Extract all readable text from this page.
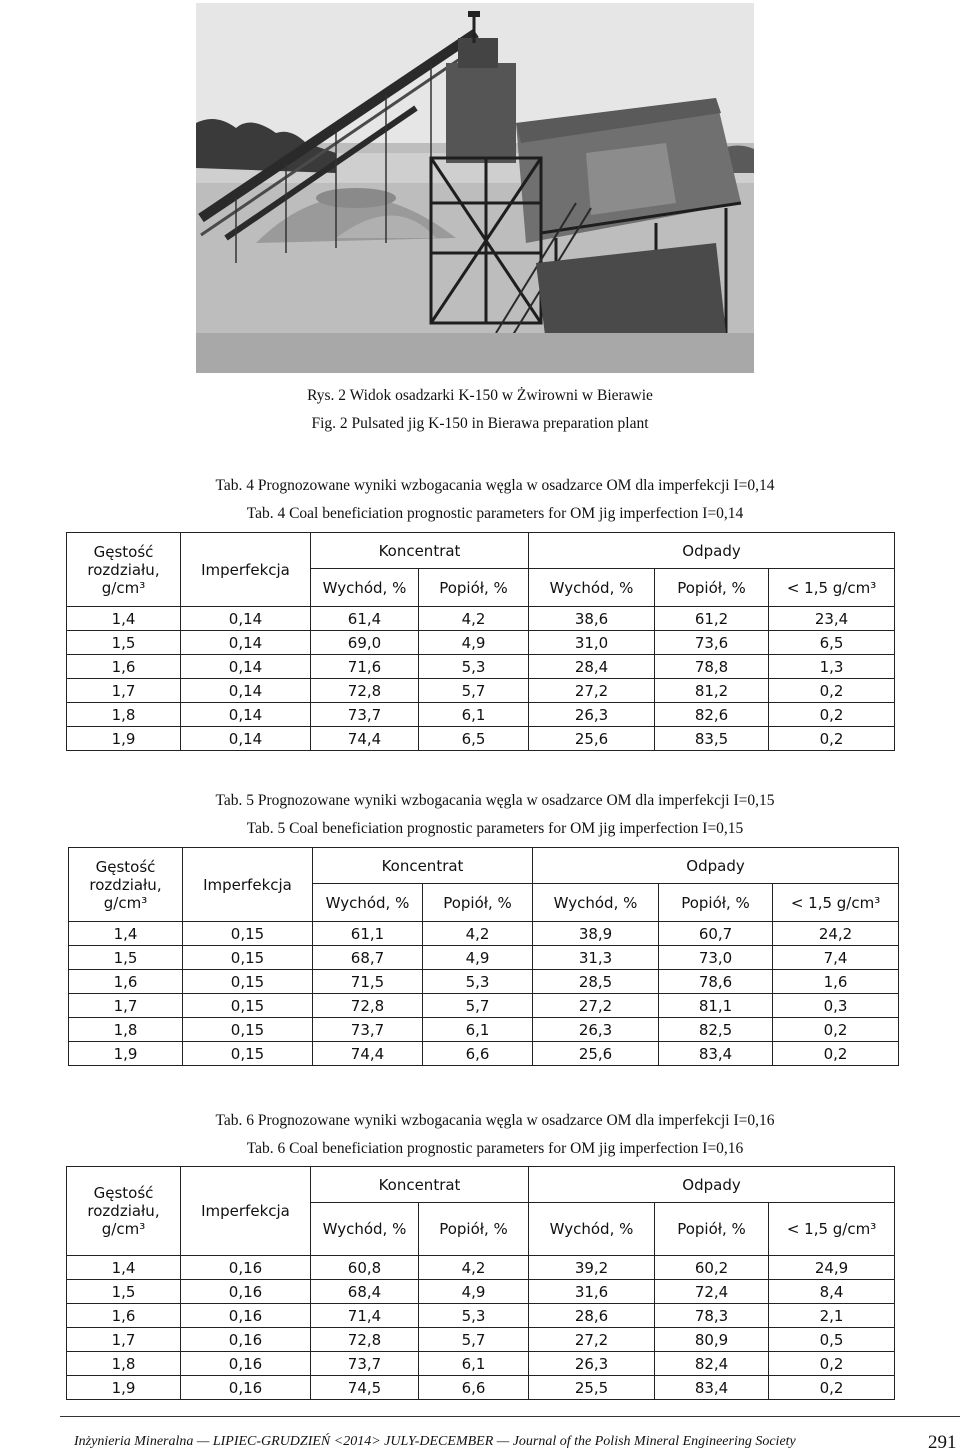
Rys. 2 Widok osadzarki K-150 w Żwirowni w Bierawie
Fig. 2 Pulsated jig K-150 in Bierawa preparation plant
Tab. 4 Prognozowane wyniki wzbogacania węgla w osadzarce OM dla imperfekcji I=0,14
Tab. 4 Coal beneficiation prognostic parameters for OM jig imperfection I=0,14
Gęstość rozdziału, g/cm³	Imperfekcja	Koncentrat		Odpady		
		Wychód, %	Popiół, %	Wychód, %	Popiół, %	< 1,5 g/cm³
1,4	0,14	61,4	4,2	38,6	61,2	23,4
1,5	0,14	69,0	4,9	31,0	73,6	6,5
1,6	0,14	71,6	5,3	28,4	78,8	1,3
1,7	0,14	72,8	5,7	27,2	81,2	0,2
1,8	0,14	73,7	6,1	26,3	82,6	0,2
1,9	0,14	74,4	6,5	25,6	83,5	0,2
Tab. 5 Prognozowane wyniki wzbogacania węgla w osadzarce OM dla imperfekcji I=0,15
Tab. 5 Coal beneficiation prognostic parameters for OM jig imperfection I=0,15
Gęstość rozdziału, g/cm³	Imperfekcja	Koncentrat		Odpady		
		Wychód, %	Popiół, %	Wychód, %	Popiół, %	< 1,5 g/cm³
1,4	0,15	61,1	4,2	38,9	60,7	24,2
1,5	0,15	68,7	4,9	31,3	73,0	7,4
1,6	0,15	71,5	5,3	28,5	78,6	1,6
1,7	0,15	72,8	5,7	27,2	81,1	0,3
1,8	0,15	73,7	6,1	26,3	82,5	0,2
1,9	0,15	74,4	6,6	25,6	83,4	0,2
Tab. 6 Prognozowane wyniki wzbogacania węgla w osadzarce OM dla imperfekcji I=0,16
Tab. 6 Coal beneficiation prognostic parameters for OM jig imperfection I=0,16
Gęstość rozdziału, g/cm³	Imperfekcja	Koncentrat		Odpady		
		Wychód, %	Popiół, %	Wychód, %	Popiół, %	< 1,5 g/cm³
1,4	0,16	60,8	4,2	39,2	60,2	24,9
1,5	0,16	68,4	4,9	31,6	72,4	8,4
1,6	0,16	71,4	5,3	28,6	78,3	2,1
1,7	0,16	72,8	5,7	27,2	80,9	0,5
1,8	0,16	73,7	6,1	26,3	82,4	0,2
1,9	0,16	74,5	6,6	25,5	83,4	0,2
Inżynieria Mineralna — LIPIEC-GRUDZIEŃ <2014> JULY-DECEMBER — Journal of the Polish Mineral Engineering Society	291
